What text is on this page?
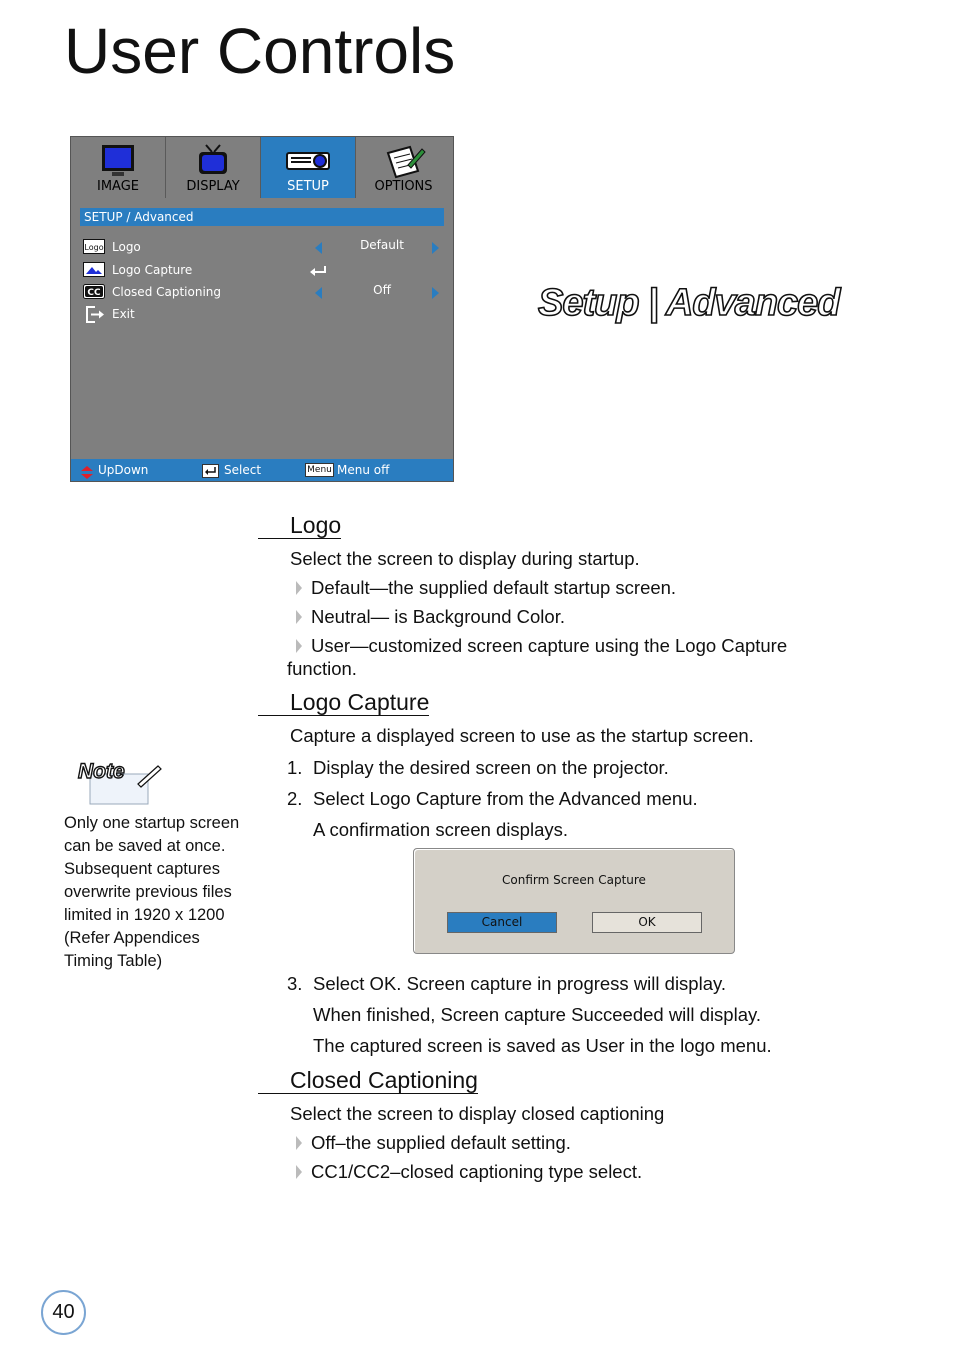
User Controls
IMAGE	DISPLAY	SETUP	OPTIONS
SETUP / Advanced
Logo Logo	Default
Logo Capture
CC Closed Captioning	Off
Exit
UpDown	Select	Menu Menu off
Setup | Advanced
Logo
Select the screen to display during startup.
Default—the supplied default startup screen.
Neutral— is Background Color.
User—customized screen capture using the Logo Capture
function.
Logo Capture
Capture a displayed screen to use as the startup screen.
1. Display the desired screen on the projector.
2. Select Logo Capture from the Advanced menu.
A confirmation screen displays.
Confirm Screen Capture
Cancel	OK
3. Select OK. Screen capture in progress will display.
When finished, Screen capture Succeeded will display.
The captured screen is saved as User in the logo menu.
Closed Captioning
Select the screen to display closed captioning
Off–the supplied default setting.
CC1/CC2–closed captioning type select.
Note
Only one startup screen
can be saved at once.
Subsequent captures
overwrite previous files
limited in 1920 x 1200
(Refer Appendices
Timing Table)
40
